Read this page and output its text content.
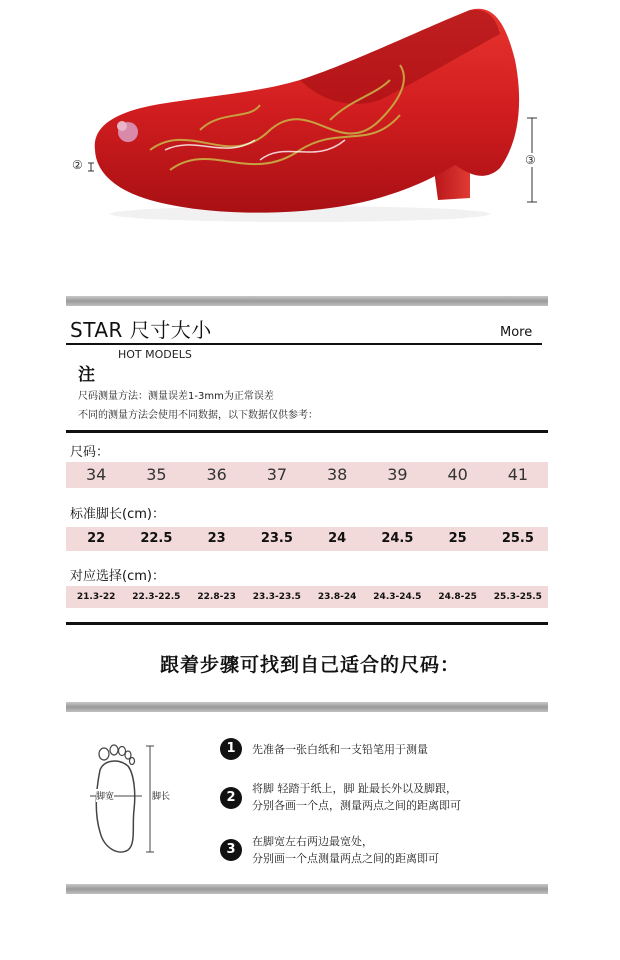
②	③
STAR 尺寸大小	More
HOT MODELS
注
尺码测量方法：测量误差1-3mm为正常误差
不同的测量方法会使用不同数据，以下数据仅供参考：
尺码：
34	35	36	37	38	39	40	41
标准脚长(cm)：
22	22.5	23	23.5	24	24.5	25	25.5
对应选择(cm)：
21.3-22	22.3-22.5	22.8-23	23.3-23.5	23.8-24	24.3-24.5	24.8-25	25.3-25.5
跟着步骤可找到自己适合的尺码：
脚宽	脚长
1	先准备一张白纸和一支铅笔用于测量
2
将脚 轻踏于纸上，脚 趾最长外以及脚跟，
分别各画一个点，测量两点之间的距离即可
3
在脚宽左右两边最宽处，
分别画一个点测量两点之间的距离即可
